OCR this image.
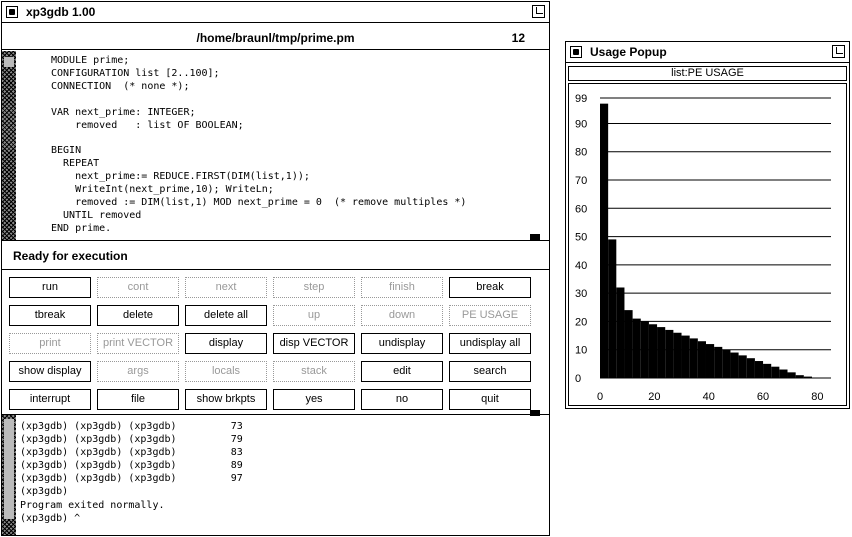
xp3gdb 1.00
/home/braunl/tmp/prime.pm	12
MODULE prime;
CONFIGURATION list [2..100];
CONNECTION  (* none *);

VAR next_prime: INTEGER;
removed   : list OF BOOLEAN;

BEGIN
REPEAT
next_prime:= REDUCE.FIRST(DIM(list,1));
WriteInt(next_prime,10); WriteLn;
removed := DIM(list,1) MOD next_prime = 0  (* remove multiples *)
UNTIL removed
END prime.
Ready for execution
run	cont	next	step	finish	break
tbreak	delete	delete all	up	down	PE USAGE
print	print VECTOR	display	disp VECTOR	undisplay	undisplay all
show display	args	locals	stack	edit	search
interrupt	file	show brkpts	yes	no	quit
(xp3gdb) (xp3gdb) (xp3gdb)         73
(xp3gdb) (xp3gdb) (xp3gdb)         79
(xp3gdb) (xp3gdb) (xp3gdb)         83
(xp3gdb) (xp3gdb) (xp3gdb)         89
(xp3gdb) (xp3gdb) (xp3gdb)         97
(xp3gdb)
Program exited normally.
(xp3gdb) ^
Usage Popup
list:PE USAGE
0
10
20
30
40
50
60
70
80
90
99
0	20	40	60	80
